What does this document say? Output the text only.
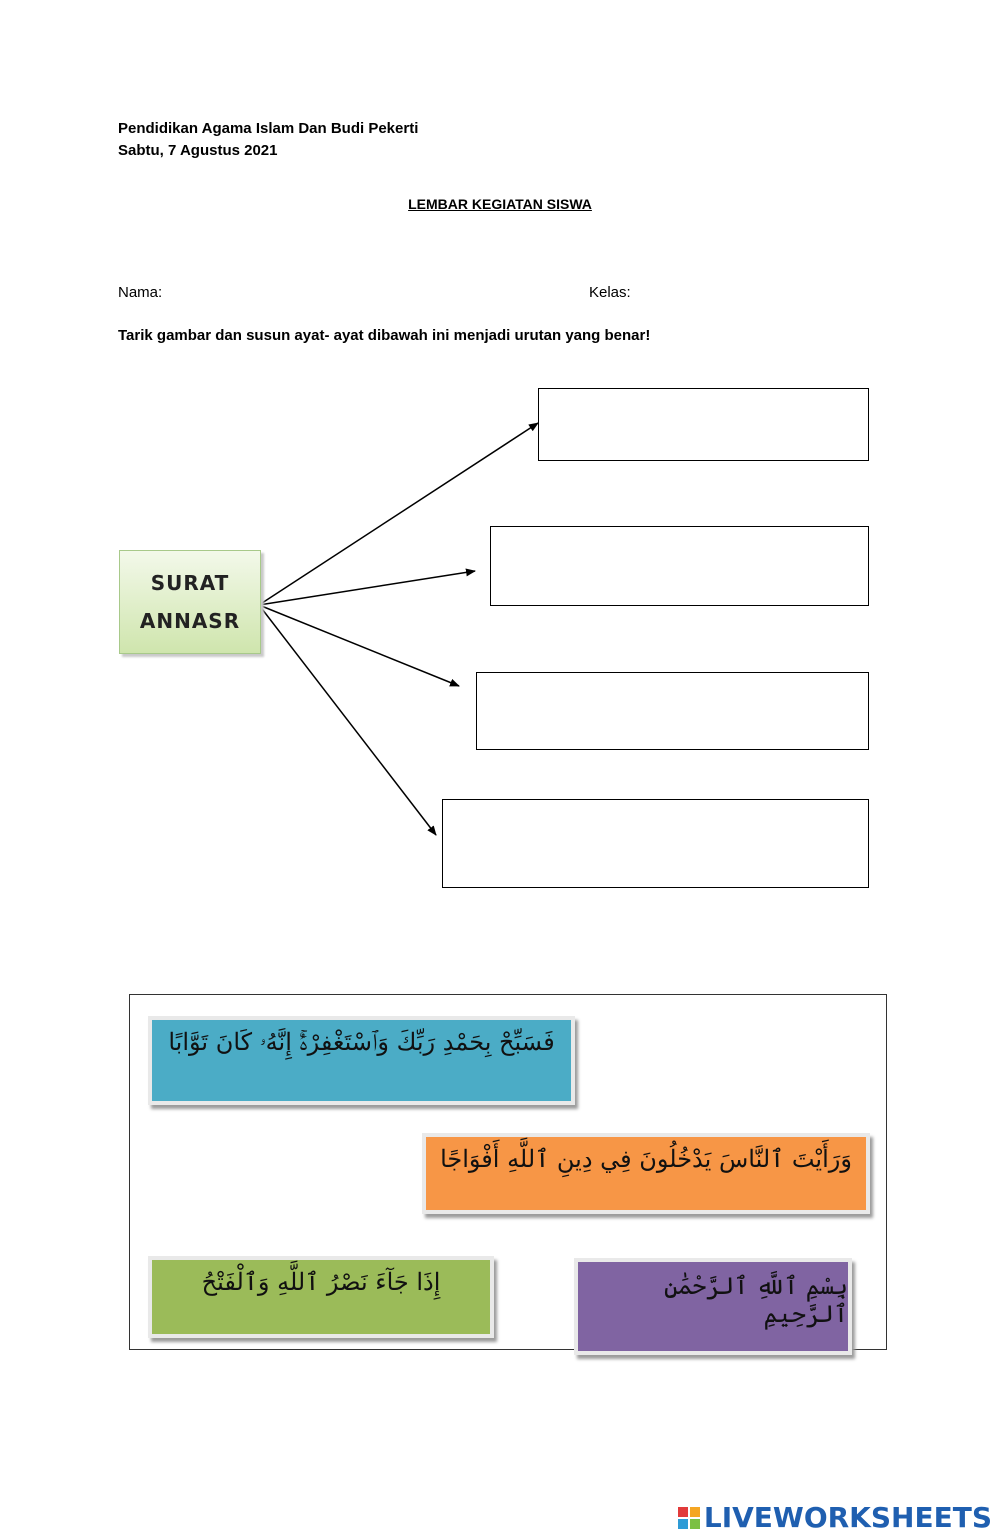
Pendidikan Agama Islam Dan Budi Pekerti
Sabtu, 7 Agustus 2021
LEMBAR KEGIATAN SISWA
Nama:	Kelas:
Tarik gambar dan susun ayat- ayat dibawah ini menjadi urutan yang benar!
SURAT
ANNASR
فَسَبِّحْ بِحَمْدِ رَبِّكَ وَٱسْتَغْفِرْهُۚ إِنَّهُۥ كَانَ تَوَّابًا
وَرَأَيْتَ ٱلنَّاسَ يَدْخُلُونَ فِي دِينِ ٱللَّهِ أَفْوَاجًا
إِذَا جَآءَ نَصْرُ ٱللَّهِ وَٱلْفَتْحُ	بِسْمِ ٱللَّهِ ٱلرَّحْمَٰنِ ٱلرَّحِيمِ
LIVEWORKSHEETS
